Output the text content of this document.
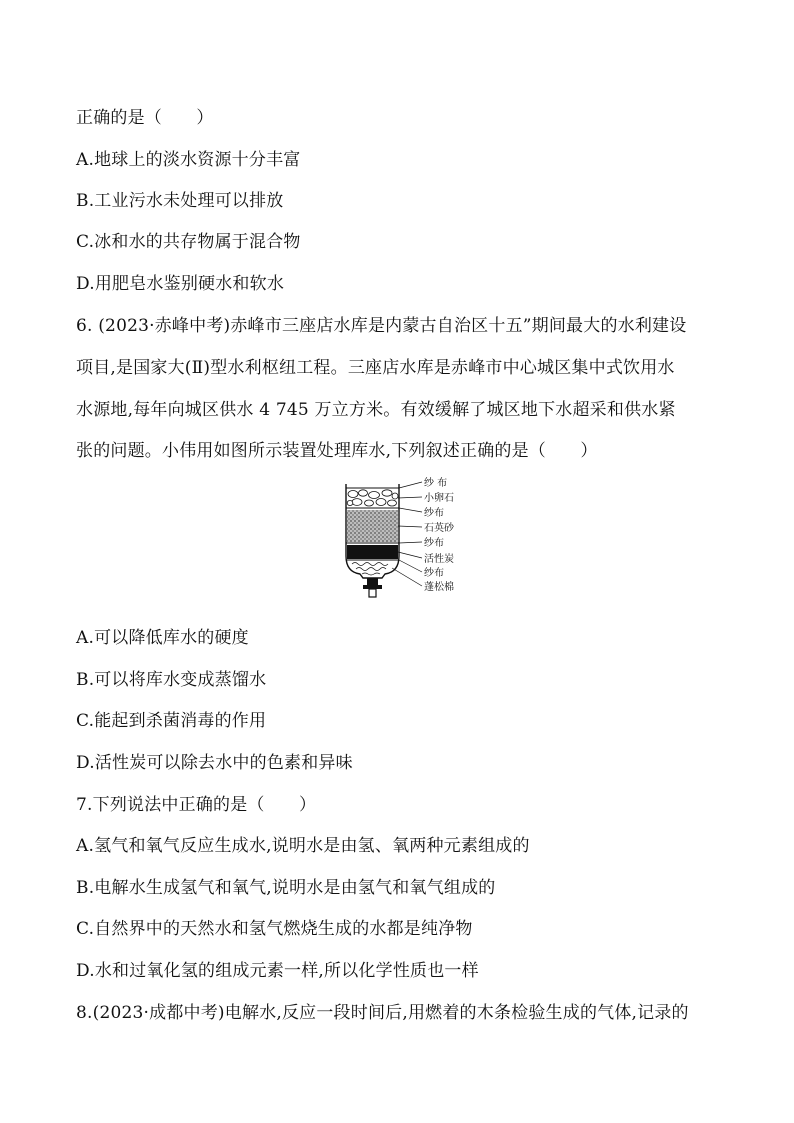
正确的是（　　）
A.地球上的淡水资源十分丰富
B.工业污水未处理可以排放
C.冰和水的共存物属于混合物
D.用肥皂水鉴别硬水和软水
6. (2023·赤峰中考)赤峰市三座店水库是内蒙古自治区十五”期间最大的水利建设
项目,是国家大(Ⅱ)型水利枢纽工程。三座店水库是赤峰市中心城区集中式饮用水
水源地,每年向城区供水 4 745 万立方米。有效缓解了城区地下水超采和供水紧
张的问题。小伟用如图所示装置处理库水,下列叙述正确的是（　　）
纱 布
小卵石
纱布
石英砂
纱布
活性炭
纱布
蓬松棉
A.可以降低库水的硬度
B.可以将库水变成蒸馏水
C.能起到杀菌消毒的作用
D.活性炭可以除去水中的色素和异味
7.下列说法中正确的是（　　）
A.氢气和氧气反应生成水,说明水是由氢、氧两种元素组成的
B.电解水生成氢气和氧气,说明水是由氢气和氧气组成的
C.自然界中的天然水和氢气燃烧生成的水都是纯净物
D.水和过氧化氢的组成元素一样,所以化学性质也一样
8.(2023·成都中考)电解水,反应一段时间后,用燃着的木条检验生成的气体,记录的
